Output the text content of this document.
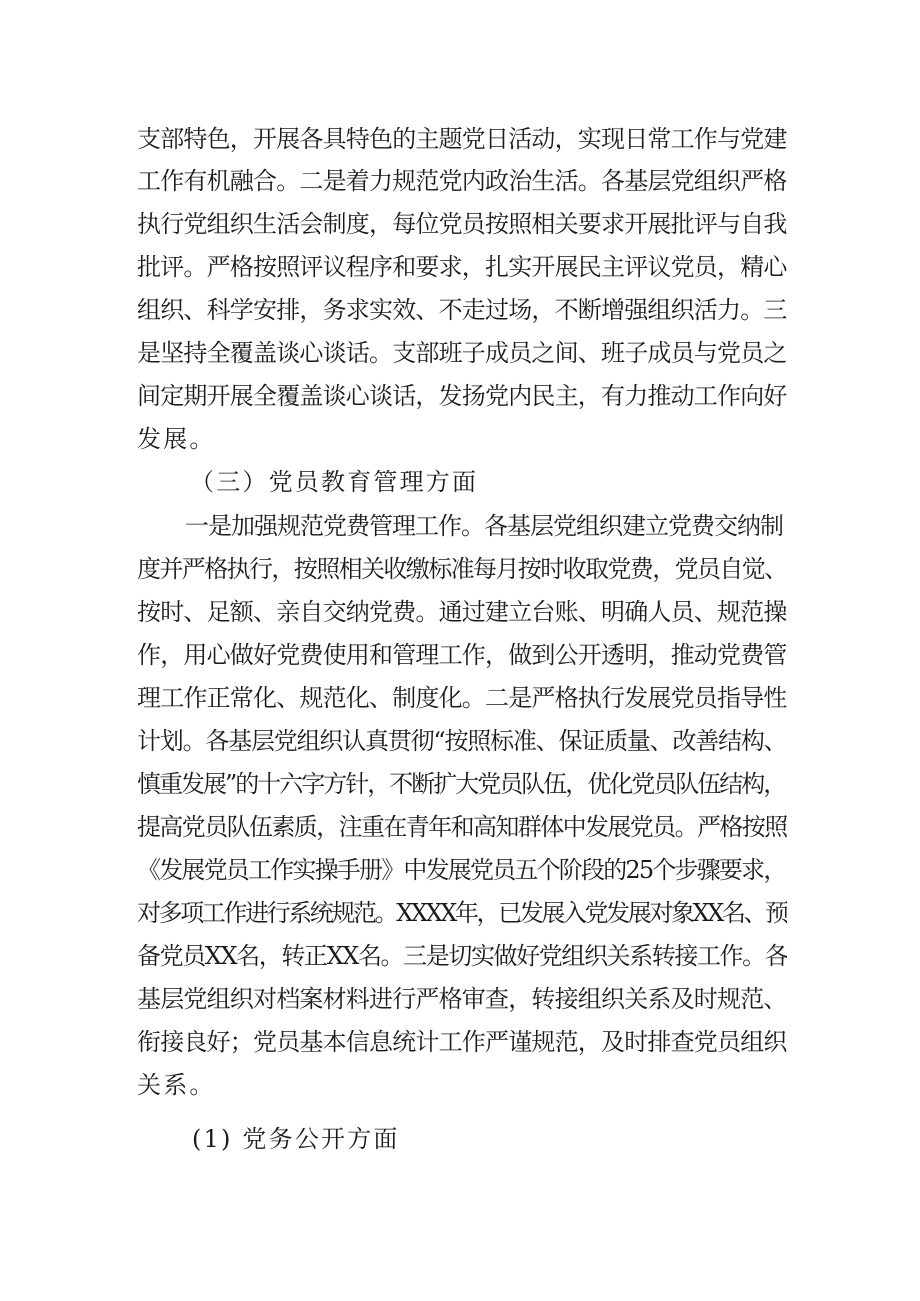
支部特色，开展各具特色的主题党日活动，实现日常工作与党建
工作有机融合。二是着力规范党内政治生活。各基层党组织严格
执行党组织生活会制度，每位党员按照相关要求开展批评与自我
批评。严格按照评议程序和要求，扎实开展民主评议党员，精心
组织、科学安排，务求实效、不走过场，不断增强组织活力。三
是坚持全覆盖谈心谈话。支部班子成员之间、班子成员与党员之
间定期开展全覆盖谈心谈话，发扬党内民主，有力推动工作向好
发展。
（三）党员教育管理方面
一是加强规范党费管理工作。各基层党组织建立党费交纳制
度并严格执行，按照相关收缴标准每月按时收取党费，党员自觉、
按时、足额、亲自交纳党费。通过建立台账、明确人员、规范操
作，用心做好党费使用和管理工作，做到公开透明，推动党费管
理工作正常化、规范化、制度化。二是严格执行发展党员指导性
计划。各基层党组织认真贯彻“按照标准、保证质量、改善结构、
慎重发展”的十六字方针，不断扩大党员队伍，优化党员队伍结构，
提高党员队伍素质，注重在青年和高知群体中发展党员。严格按照
《发展党员工作实操手册》中发展党员五个阶段的25个步骤要求，
对多项工作进行系统规范。XXXX年，已发展入党发展对象XX名、预
备党员XX名，转正XX名。三是切实做好党组织关系转接工作。各
基层党组织对档案材料进行严格审查，转接组织关系及时规范、
衔接良好；党员基本信息统计工作严谨规范，及时排查党员组织
关系。
(1) 党务公开方面
